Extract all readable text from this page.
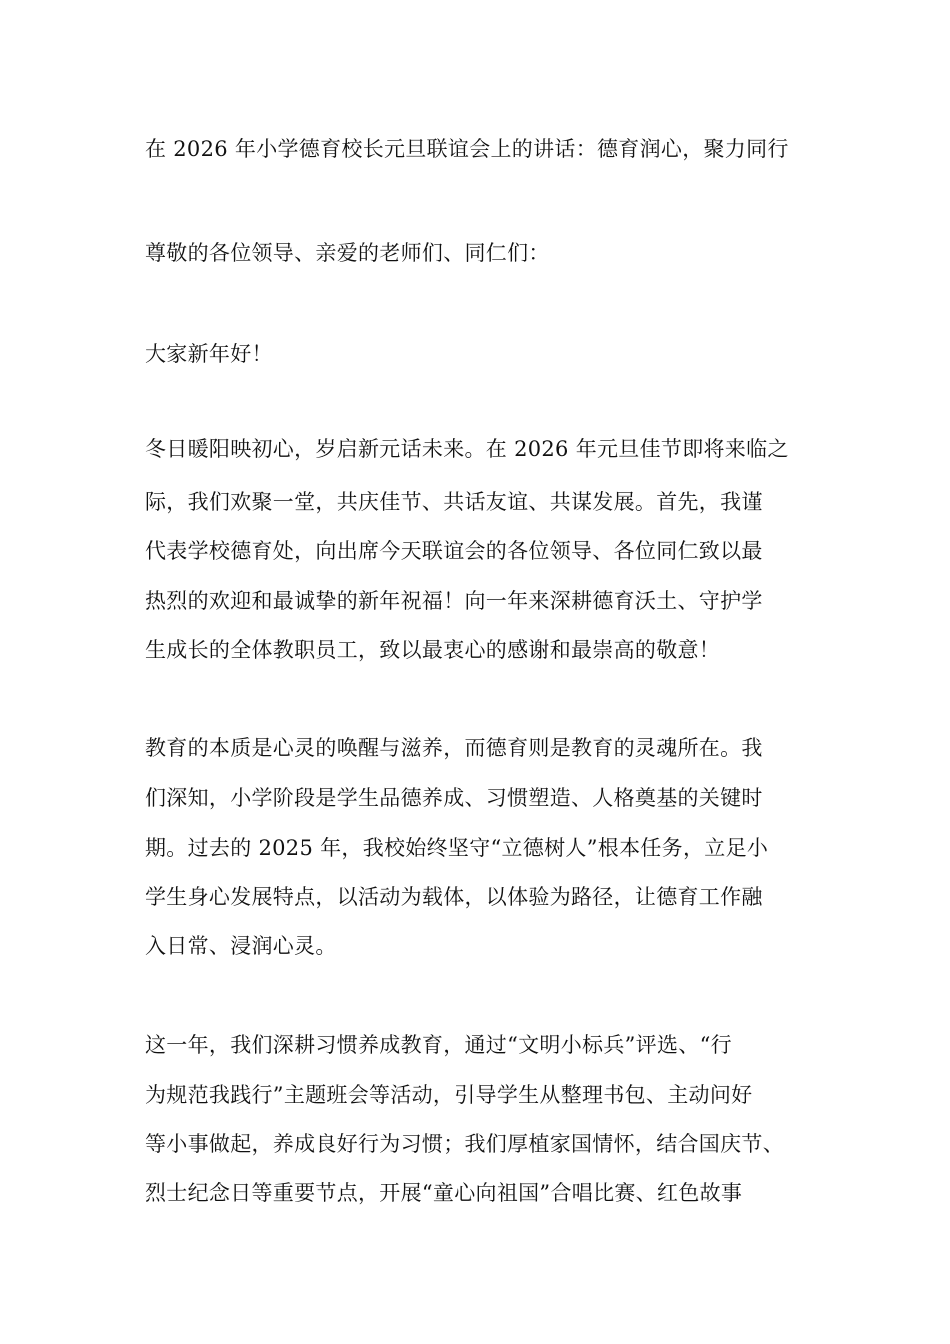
在 2026 年小学德育校长元旦联谊会上的讲话：德育润心，聚力同行
尊敬的各位领导、亲爱的老师们、同仁们：
大家新年好！
冬日暖阳映初心，岁启新元话未来。在 2026 年元旦佳节即将来临之
际，我们欢聚一堂，共庆佳节、共话友谊、共谋发展。首先，我谨
代表学校德育处，向出席今天联谊会的各位领导、各位同仁致以最
热烈的欢迎和最诚挚的新年祝福！向一年来深耕德育沃土、守护学
生成长的全体教职员工，致以最衷心的感谢和最崇高的敬意！
教育的本质是心灵的唤醒与滋养，而德育则是教育的灵魂所在。我
们深知，小学阶段是学生品德养成、习惯塑造、人格奠基的关键时
期。过去的 2025 年，我校始终坚守“立德树人”根本任务，立足小
学生身心发展特点，以活动为载体，以体验为路径，让德育工作融
入日常、浸润心灵。
这一年，我们深耕习惯养成教育，通过“文明小标兵”评选、“行
为规范我践行”主题班会等活动，引导学生从整理书包、主动问好
等小事做起，养成良好行为习惯；我们厚植家国情怀，结合国庆节、
烈士纪念日等重要节点，开展“童心向祖国”合唱比赛、红色故事
